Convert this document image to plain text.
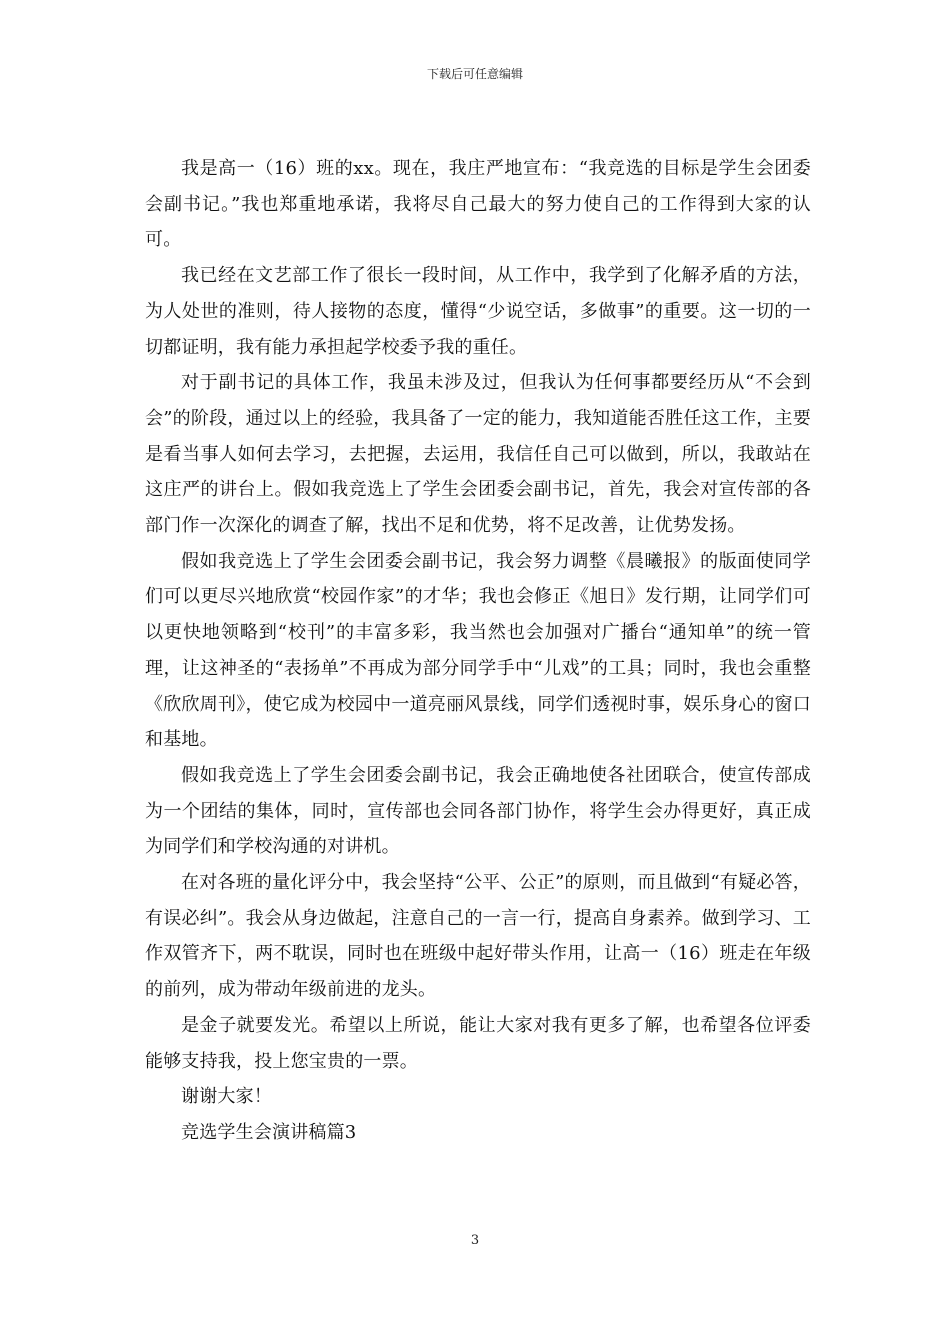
下载后可任意编辑

我是高一（16）班的xx。现在，我庄严地宣布：“我竞选的目标是学生会团委会副书记。”我也郑重地承诺，我将尽自己最大的努力使自己的工作得到大家的认可。

我已经在文艺部工作了很长一段时间，从工作中，我学到了化解矛盾的方法，为人处世的准则，待人接物的态度，懂得“少说空话，多做事”的重要。这一切的一切都证明，我有能力承担起学校委予我的重任。

对于副书记的具体工作，我虽未涉及过，但我认为任何事都要经历从“不会到会”的阶段，通过以上的经验，我具备了一定的能力，我知道能否胜任这工作，主要是看当事人如何去学习，去把握，去运用，我信任自己可以做到，所以，我敢站在这庄严的讲台上。假如我竞选上了学生会团委会副书记，首先，我会对宣传部的各部门作一次深化的调查了解，找出不足和优势，将不足改善，让优势发扬。

假如我竞选上了学生会团委会副书记，我会努力调整《晨曦报》的版面使同学们可以更尽兴地欣赏“校园作家”的才华；我也会修正《旭日》发行期，让同学们可以更快地领略到“校刊”的丰富多彩，我当然也会加强对广播台“通知单”的统一管理，让这神圣的“表扬单”不再成为部分同学手中“儿戏”的工具；同时，我也会重整《欣欣周刊》，使它成为校园中一道亮丽风景线，同学们透视时事，娱乐身心的窗口和基地。

假如我竞选上了学生会团委会副书记，我会正确地使各社团联合，使宣传部成为一个团结的集体，同时，宣传部也会同各部门协作，将学生会办得更好，真正成为同学们和学校沟通的对讲机。

在对各班的量化评分中，我会坚持“公平、公正”的原则，而且做到“有疑必答，有误必纠”。我会从身边做起，注意自己的一言一行，提高自身素养。做到学习、工作双管齐下，两不耽误，同时也在班级中起好带头作用，让高一（16）班走在年级的前列，成为带动年级前进的龙头。

是金子就要发光。希望以上所说，能让大家对我有更多了解，也希望各位评委能够支持我，投上您宝贵的一票。

谢谢大家！

竞选学生会演讲稿篇3

3
